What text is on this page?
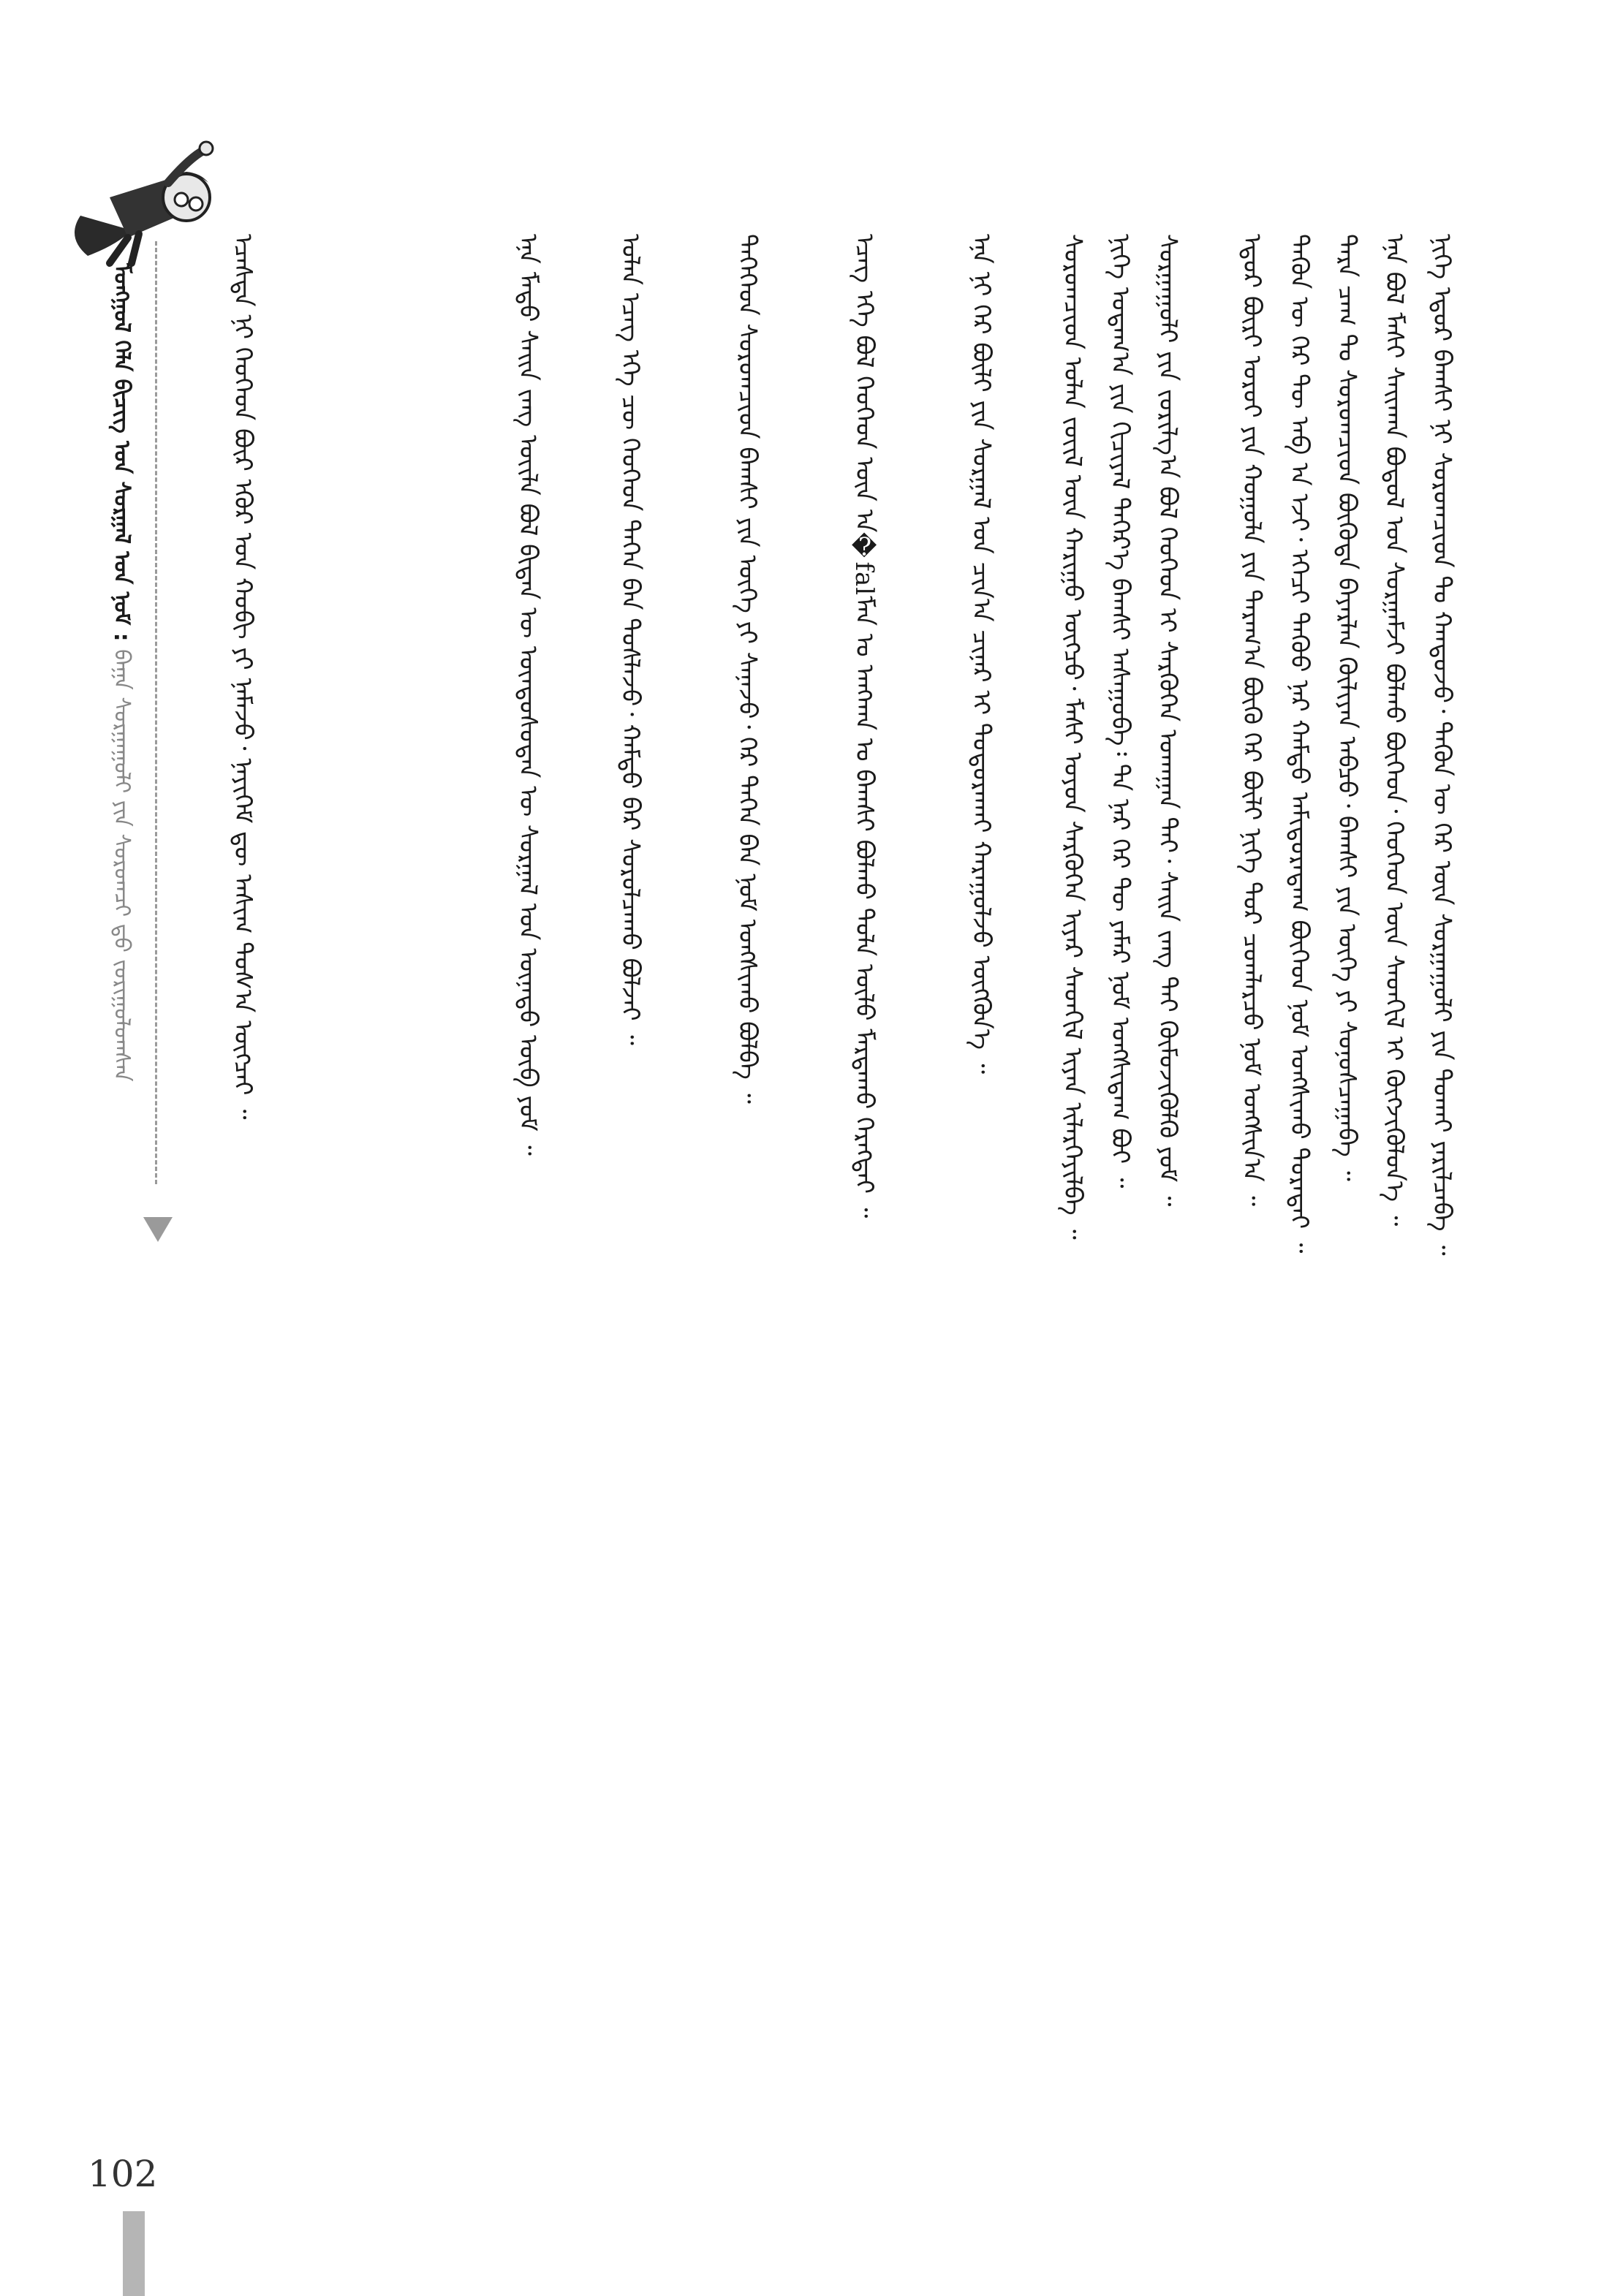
ᠮᠣᠩᠭᠣᠯ ᠬᠡᠯᠡ ᠪᠢᠴᠢᠭ᠌ ᠤᠨ ᠰᠤᠷᠭᠠᠯ ᠤᠨ ᠨᠣᠮ : ᠪᠠᠭᠠ ᠰᠤᠷᠭᠠᠭᠤᠯᠢ ᠶᠢᠨ ᠰᠤᠷᠤᠭᠴᠢ ᠳ᠋ᠤ ᠵᠣᠷᠢᠭᠤᠯᠤᠭᠰᠠᠨ	ᠨᠢᠭᠡ ᠡᠳᠦᠷ ᠪᠠᠭᠰᠢ ᠨᠢ ᠰᠤᠷᠤᠭᠴᠢᠳ ᠲᠤ ᠬᠠᠨᠳᠤᠵᠤ᠂ ᠲᠡᠭᠦᠨ ᠦ ᠭᠡᠷ ᠦᠨ ᠰᠤᠷᠭᠠᠭᠤᠯᠢ ᠶᠢᠨ ᠲᠤᠬᠠᠢ ᠶᠠᠷᠢᠯᠴᠠᠪᠠ ᠃
ᠡᠨᠡ ᠪᠣᠯ ᠮᠠᠰᠢ ᠰᠠᠢᠬᠠᠨ ᠪᠣᠳᠣᠯ ᠤᠨ ᠰᠤᠷᠭᠠᠮᠵᠢ ᠪᠣᠯᠬᠤ ᠪᠥᠭᠡᠳ᠂ ᠬᠡᠦᠬᠡᠳ ᠦᠨ ᠰᠡᠳᠬᠢᠯ ᠢ ᠬᠥᠭᠵᠢᠭᠦᠯᠦᠨ᠎ᠡ ᠃
ᠲᠡᠷᠡ ᠴᠠᠭ ᠲᠤ ᠰᠤᠷᠤᠭᠴᠢᠳ ᠪᠦᠭᠦᠳᠡ ᠪᠠᠶᠠᠷᠯᠠᠨ ᠬᠦᠯᠢᠶᠡᠨ ᠠᠪᠴᠤ᠂ ᠪᠠᠭᠰᠢ ᠶᠢᠨ ᠦᠭᠡ ᠶᠢ ᠰᠣᠨᠤᠰᠴᠠᠭᠠᠪᠠ ᠃
ᠲᠡᠭᠦᠨ ᠦ ᠭᠡᠷ ᠲᠦ ᠠᠪ ᠠ ᠡᠵᠢ᠂ ᠡᠭᠡᠴᠢ ᠳᠡᠭᠦᠦ ᠨᠠᠷ ᠬᠠᠮᠲᠤ ᠠᠮᠢᠳᠤᠷᠠᠳᠠᠭ ᠪᠥᠭᠡᠳ ᠨᠣᠮ ᠤᠩᠰᠢᠬᠤ ᠳᠤᠷᠠᠲᠠᠢ ᠃
ᠡᠳᠦᠷ ᠪᠦᠷᠢ ᠣᠷᠣᠢ ᠶᠢᠨ ᠬᠣᠭᠣᠯᠠ ᠶᠢᠨ ᠳᠠᠷᠠᠭ᠎ᠠ ᠪᠦᠬᠦ ᠭᠡᠷ ᠪᠥᠯᠢ ᠨᠢᠭᠡ ᠳᠣᠷ ᠴᠤᠭᠯᠠᠷᠴᠤ ᠨᠣᠮ ᠤᠩᠰᠢᠨ᠎ᠠ ᠃
ᠰᠤᠷᠭᠠᠭᠤᠯᠢ ᠶᠢᠨ ᠵᠣᠷᠢᠯᠭ᠎ᠠ ᠪᠣᠯ ᠬᠡᠦᠬᠡᠳ ᠢ ᠰᠡᠷᠭᠦᠭᠡᠨ ᠤᠬᠠᠭᠠᠨ ᠲᠠᠢ᠂ ᠰᠠᠢᠨ ᠵᠠᠩ ᠲᠠᠢ ᠬᠦᠮᠦᠵᠢᠭᠦᠯᠬᠦ ᠶᠤᠮ ᠃
ᠨᠢᠭᠡ ᠤᠳᠠᠭ᠎ᠠ ᠶᠢᠨ ᠬᠢᠴᠢᠶᠡᠯ ᠳᠡᠭᠡᠷ᠎ᠡ ᠪᠠᠭᠰᠢ ᠠᠰᠠᠭᠤᠪᠠ᠄ ᠲᠠ ᠨᠠᠷ ᠭᠡᠷ ᠲᠦ ᠶᠠᠮᠠᠷ ᠨᠣᠮ ᠤᠩᠰᠢᠳᠠᠭ ᠪᠤᠢ ᠃
ᠰᠤᠷᠤᠭᠴᠢᠳ ᠣᠯᠠᠨ ᠵᠦᠢᠯ ᠦᠨ ᠬᠠᠷᠢᠭᠤ ᠥᠭᠴᠦ᠂ ᠮᠠᠰᠢ ᠣᠶᠤᠨ ᠰᠡᠷᠭᠦᠭᠡᠨ ᠢᠶᠡᠷ ᠰᠡᠳᠬᠢᠯ ᠢᠶᠡᠨ ᠢᠯᠡᠷᠬᠡᠶᠢᠯᠪᠡ ᠃
ᠡᠨᠡ ᠨᠢ ᠭᠡᠷ ᠪᠦᠯᠢ ᠶᠢᠨ ᠰᠤᠷᠭᠠᠯ ᠤᠨ ᠴᠢᠨ᠎ᠠ ᠴᠢᠨᠠᠷ ᠢ ᠲᠣᠳᠣᠷᠠᠬᠠᠢ ᠬᠠᠷᠠᠭᠤᠯᠵᠤ ᠥᠭᠭᠦᠨ᠎ᠡ ᠃
ᠡᠴᠡᠭ ᠡᠬᠡ ᠪᠣᠯ ᠬᠡᠦᠬᠡᠳ ᠦᠨ ᠠ�falᠮᠠᠨ ᠤ ᠠᠩᠬᠠᠨ ᠤ ᠪᠠᠭᠰᠢ ᠪᠣᠯᠬᠤ ᠲᠤᠯᠠ ᠦᠯᠦ ᠮᠠᠷᠲᠠᠬᠤ ᠬᠡᠷᠡᠭᠲᠡᠢ ᠃
ᠲᠡᠭᠡᠭᠡᠳ ᠰᠤᠷᠤᠭᠴᠢᠳ ᠪᠠᠭᠰᠢ ᠶᠢᠨ ᠦᠭᠡ ᠶᠢ ᠰᠠᠨᠠᠵᠤ᠂ ᠭᠡᠷ ᠲᠡᠭᠡᠨ ᠪᠠᠨ ᠨᠣᠮ ᠤᠩᠰᠢᠬᠤ ᠪᠣᠯᠪᠠ ᠃
ᠣᠯᠠᠨ ᠡᠴᠡᠭ ᠡᠬᠡ ᠴᠦ ᠬᠡᠦᠬᠡᠳ ᠲᠡᠭᠡᠨ ᠪᠠᠨ ᠲᠤᠰᠯᠠᠵᠤ᠂ ᠬᠠᠮᠲᠤ ᠪᠡᠷ ᠰᠤᠷᠤᠯᠴᠠᠬᠤ ᠪᠣᠯᠵᠠᠢ ᠃
ᠡᠨᠡ ᠮᠡᠲᠦ ᠰᠠᠢᠨ ᠵᠠᠩ ᠦᠢᠯᠡ ᠪᠣᠯ ᠪᠢᠳᠡᠨ ᠦ ᠦᠨᠳᠦᠰᠦᠲᠡᠨ ᠦ ᠰᠤᠷᠭᠠᠯ ᠤᠨ ᠦᠨᠡᠲᠦ ᠥᠪ ᠶᠤᠮ ᠃
ᠡᠴᠡᠰᠲᠡ ᠨᠢ ᠬᠡᠦᠬᠡᠳ ᠪᠦᠷ ᠡᠭᠦᠷ ᠤᠨ ᠬᠤᠪᠢ ᠶᠢ ᠨᠡᠮᠡᠵᠦ᠂ ᠨᠡᠶᠢᠭᠡᠮ ᠳᠦ ᠠᠰᠢᠭ ᠲᠤᠰ᠎ᠠ ᠥᠭᠴᠡᠢ ᠃
102
